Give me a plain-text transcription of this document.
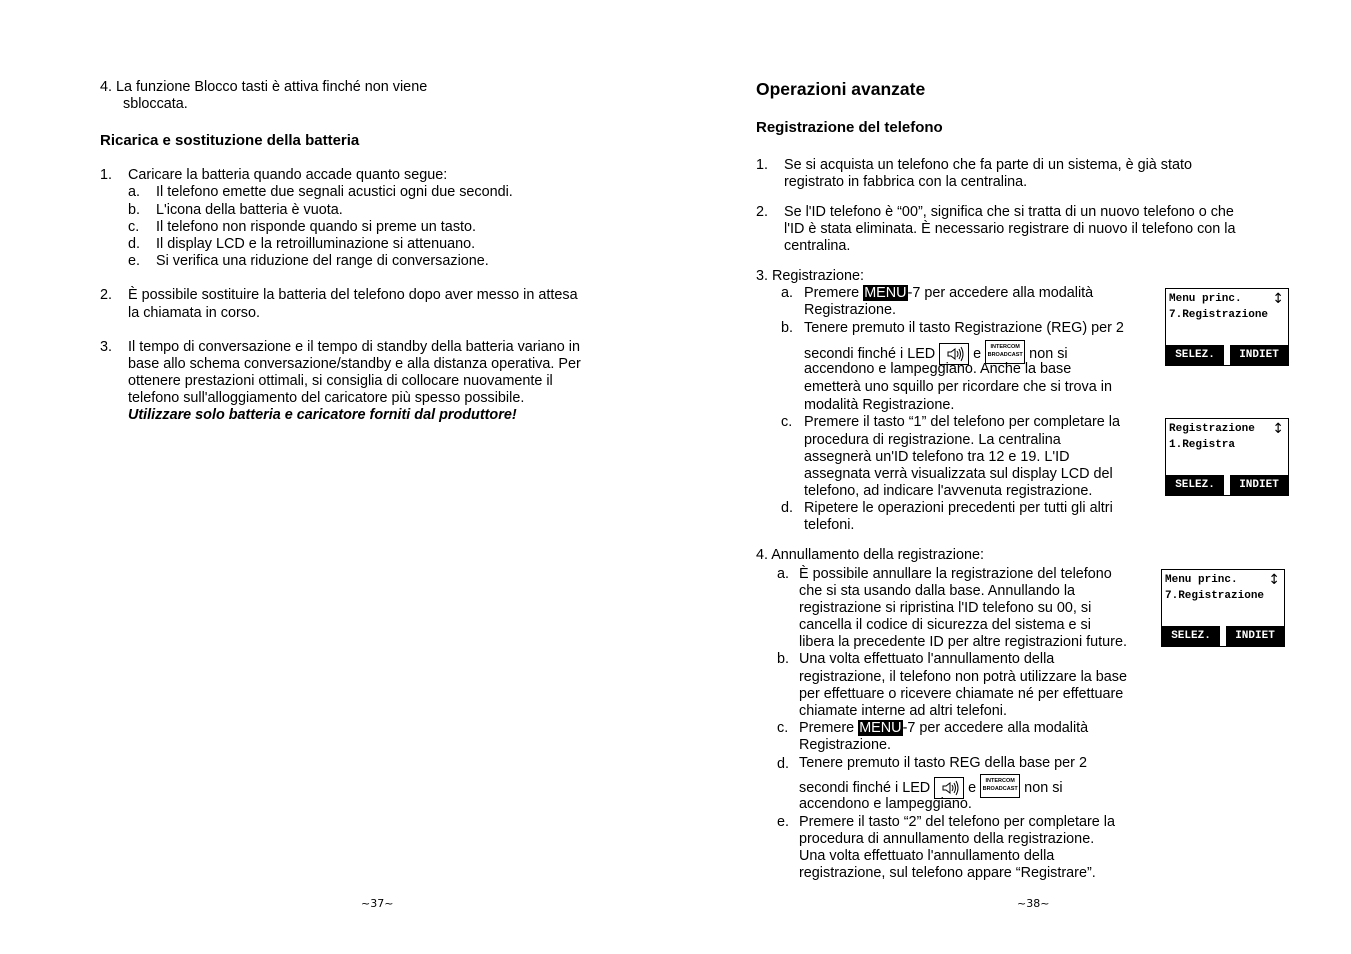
4. La funzione Blocco tasti è attiva finché non viene
sbloccata.
Ricarica e sostituzione della batteria
1. Caricare la batteria quando accade quanto segue:
a. Il telefono emette due segnali acustici ogni due secondi.
b. L'icona della batteria è vuota.
c. Il telefono non risponde quando si preme un tasto.
d. Il display LCD e la retroilluminazione si attenuano.
e. Si verifica una riduzione del range di conversazione.
2. È possibile sostituire la batteria del telefono dopo aver messo in attesa
la chiamata in corso.
3. Il tempo di conversazione e il tempo di standby della batteria variano in
base allo schema conversazione/standby e alla distanza operativa. Per
ottenere prestazioni ottimali, si consiglia di collocare nuovamente il
telefono sull'alloggiamento del caricatore più spesso possibile.
Utilizzare solo batteria e caricatore forniti dal produttore!
~37~
Operazioni avanzate
Registrazione del telefono
1. Se si acquista un telefono che fa parte di un sistema, è già stato
registrato in fabbrica con la centralina.
2. Se l'ID telefono è “00”, significa che si tratta di un nuovo telefono o che
l'ID è stata eliminata. È necessario registrare di nuovo il telefono con la
centralina.
3. Registrazione:
a. Premere MENU-7 per accedere alla modalità
Registrazione.
b. Tenere premuto il tasto Registrazione (REG) per 2
secondi finché i LED  e INTERCOM
BROADCAST non si
accendono e lampeggiano. Anche la base
emetterà uno squillo per ricordare che si trova in
modalità Registrazione.
c. Premere il tasto “1” del telefono per completare la
procedura di registrazione. La centralina
assegnerà un'ID telefono tra 12 e 19. L'ID
assegnata verrà visualizzata sul display LCD del
telefono, ad indicare l'avvenuta registrazione.
d. Ripetere le operazioni precedenti per tutti gli altri
telefoni.
Menu princ. ↕
7.Registrazione
SELEZ.	INDIET
Registrazione ↕
1.Registra
SELEZ.	INDIET
4. Annullamento della registrazione:
a. È possibile annullare la registrazione del telefono
che si sta usando dalla base. Annullando la
registrazione si ripristina l'ID telefono su 00, si
cancella il codice di sicurezza del sistema e si
libera la precedente ID per altre registrazioni future.
b. Una volta effettuato l'annullamento della
registrazione, il telefono non potrà utilizzare la base
per effettuare o ricevere chiamate né per effettuare
chiamate interne ad altri telefoni.
c. Premere MENU-7 per accedere alla modalità
Registrazione.
d. Tenere premuto il tasto REG della base per 2
secondi finché i LED  e INTERCOM
BROADCAST non si
accendono e lampeggiano.
e. Premere il tasto “2” del telefono per completare la
procedura di annullamento della registrazione.
Una volta effettuato l'annullamento della
registrazione, sul telefono appare “Registrare”.
Menu princ. ↕
7.Registrazione
SELEZ.	INDIET
~38~
